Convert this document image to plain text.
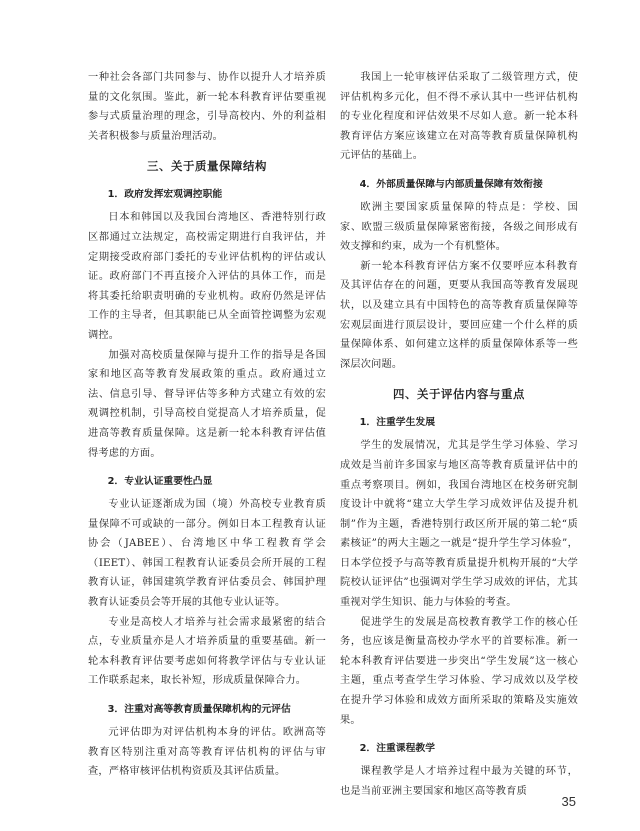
一种社会各部门共同参与、协作以提升人才培养质量的文化氛围。鉴此，新一轮本科教育评估要重视参与式质量治理的理念，引导高校内、外的利益相关者积极参与质量治理活动。

三、关于质量保障结构
1．政府发挥宏观调控职能

日本和韩国以及我国台湾地区、香港特别行政区都通过立法规定，高校需定期进行自我评估，并定期接受政府部门委托的专业评估机构的评估或认证。政府部门不再直接介入评估的具体工作，而是将其委托给职责明确的专业机构。政府仍然是评估工作的主导者，但其职能已从全面管控调整为宏观调控。

加强对高校质量保障与提升工作的指导是各国家和地区高等教育发展政策的重点。政府通过立法、信息引导、督导评估等多种方式建立有效的宏观调控机制，引导高校自觉提高人才培养质量，促进高等教育质量保障。这是新一轮本科教育评估值得考虑的方面。

2．专业认证重要性凸显

专业认证逐渐成为国（境）外高校专业教育质量保障不可或缺的一部分。例如日本工程教育认证协会（JABEE）、台湾地区中华工程教育学会（IEET）、韩国工程教育认证委员会所开展的工程教育认证，韩国建筑学教育评估委员会、韩国护理教育认证委员会等开展的其他专业认证等。

专业是高校人才培养与社会需求最紧密的结合点，专业质量亦是人才培养质量的重要基础。新一轮本科教育评估要考虑如何将教学评估与专业认证工作联系起来，取长补短，形成质量保障合力。

3．注重对高等教育质量保障机构的元评估

元评估即为对评估机构本身的评估。欧洲高等教育区特别注重对高等教育评估机构的评估与审查，严格审核评估机构资质及其评估质量。

我国上一轮审核评估采取了二级管理方式，使评估机构多元化，但不得不承认其中一些评估机构的专业化程度和评估效果不尽如人意。新一轮本科教育评估方案应该建立在对高等教育质量保障机构元评估的基础上。

4．外部质量保障与内部质量保障有效衔接

欧洲主要国家质量保障的特点是：学校、国家、欧盟三级质量保障紧密衔接，各级之间形成有效支撑和约束，成为一个有机整体。

新一轮本科教育评估方案不仅要呼应本科教育及其评估存在的问题，更要从我国高等教育发展现状，以及建立具有中国特色的高等教育质量保障等宏观层面进行顶层设计，要回应建一个什么样的质量保障体系、如何建立这样的质量保障体系等一些深层次问题。

四、关于评估内容与重点
1．注重学生发展

学生的发展情况，尤其是学生学习体验、学习成效是当前许多国家与地区高等教育质量评估中的重点考察项目。例如，我国台湾地区在校务研究制度设计中就将“建立大学生学习成效评估及提升机制”作为主题，香港特别行政区所开展的第二轮“质素核证”的两大主题之一就是“提升学生学习体验”，日本学位授予与高等教育质量提升机构开展的“大学院校认证评估”也强调对学生学习成效的评估，尤其重视对学生知识、能力与体验的考查。

促进学生的发展是高校教育教学工作的核心任务，也应该是衡量高校办学水平的首要标准。新一轮本科教育评估要进一步突出“学生发展”这一核心主题，重点考查学生学习体验、学习成效以及学校在提升学习体验和成效方面所采取的策略及实施效果。

2．注重课程教学

课程教学是人才培养过程中最为关键的环节，也是当前亚洲主要国家和地区高等教育质

35
